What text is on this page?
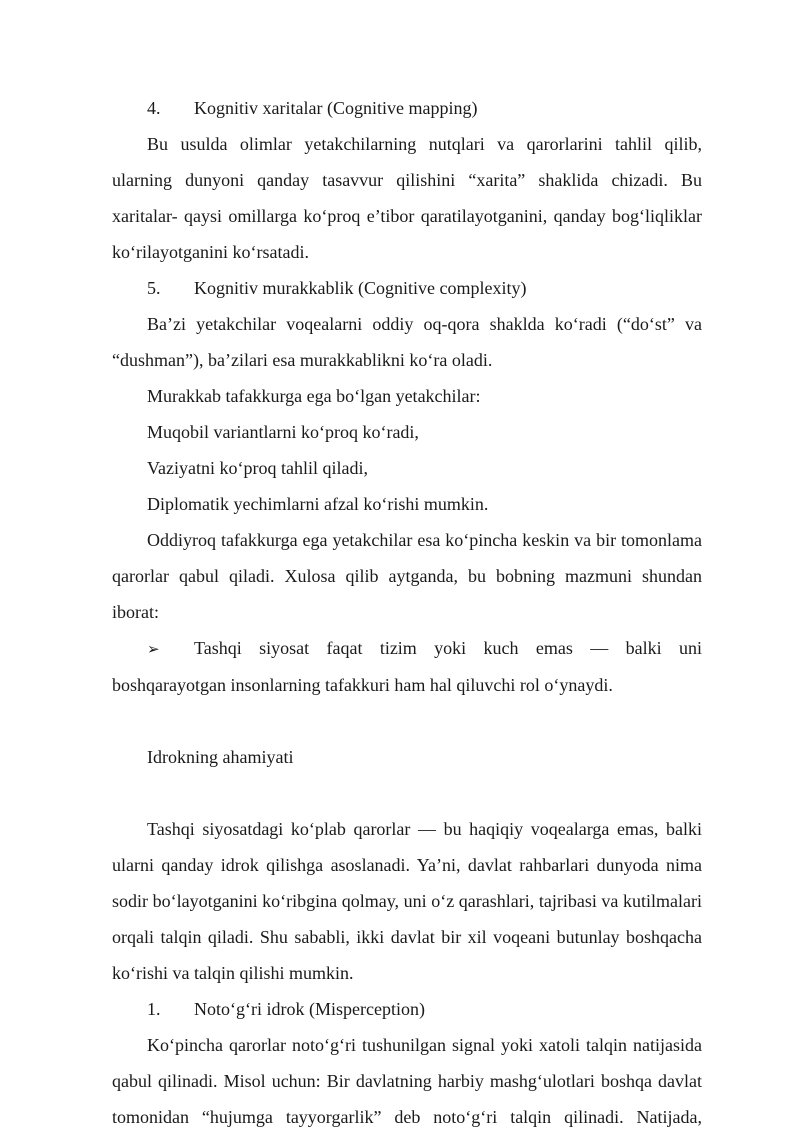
4. Kognitiv xaritalar (Cognitive mapping)

Bu usulda olimlar yetakchilarning nutqlari va qarorlarini tahlil qilib, ularning dunyoni qanday tasavvur qilishini “xarita” shaklida chizadi. Bu xaritalar- qaysi omillarga ko‘proq e’tibor qaratilayotganini, qanday bog‘liqliklar ko‘rilayotganini ko‘rsatadi.

5. Kognitiv murakkablik (Cognitive complexity)

Ba’zi yetakchilar voqealarni oddiy oq-qora shaklda ko‘radi (“do‘st” va “dushman”), ba’zilari esa murakkablikni ko‘ra oladi.

Murakkab tafakkurga ega bo‘lgan yetakchilar:

Muqobil variantlarni ko‘proq ko‘radi,

Vaziyatni ko‘proq tahlil qiladi,

Diplomatik yechimlarni afzal ko‘rishi mumkin.

Oddiyroq tafakkurga ega yetakchilar esa ko‘pincha keskin va bir tomonlama qarorlar qabul qiladi. Xulosa qilib aytganda, bu bobning mazmuni shundan iborat:

➢ Tashqi siyosat faqat tizim yoki kuch emas — balki uni boshqarayotgan insonlarning tafakkuri ham hal qiluvchi rol o‘ynaydi.

Idrokning ahamiyati

Tashqi siyosatdagi ko‘plab qarorlar — bu haqiqiy voqealarga emas, balki ularni qanday idrok qilishga asoslanadi. Ya’ni, davlat rahbarlari dunyoda nima sodir bo‘layotganini ko‘ribgina qolmay, uni o‘z qarashlari, tajribasi va kutilmalari orqali talqin qiladi. Shu sababli, ikki davlat bir xil voqeani butunlay boshqacha ko‘rishi va talqin qilishi mumkin.

1. Noto‘g‘ri idrok (Misperception)

Ko‘pincha qarorlar noto‘g‘ri tushunilgan signal yoki xatoli talqin natijasida qabul qilinadi. Misol uchun: Bir davlatning harbiy mashg‘ulotlari boshqa davlat tomonidan “hujumga tayyorgarlik” deb noto‘g‘ri talqin qilinadi. Natijada,
